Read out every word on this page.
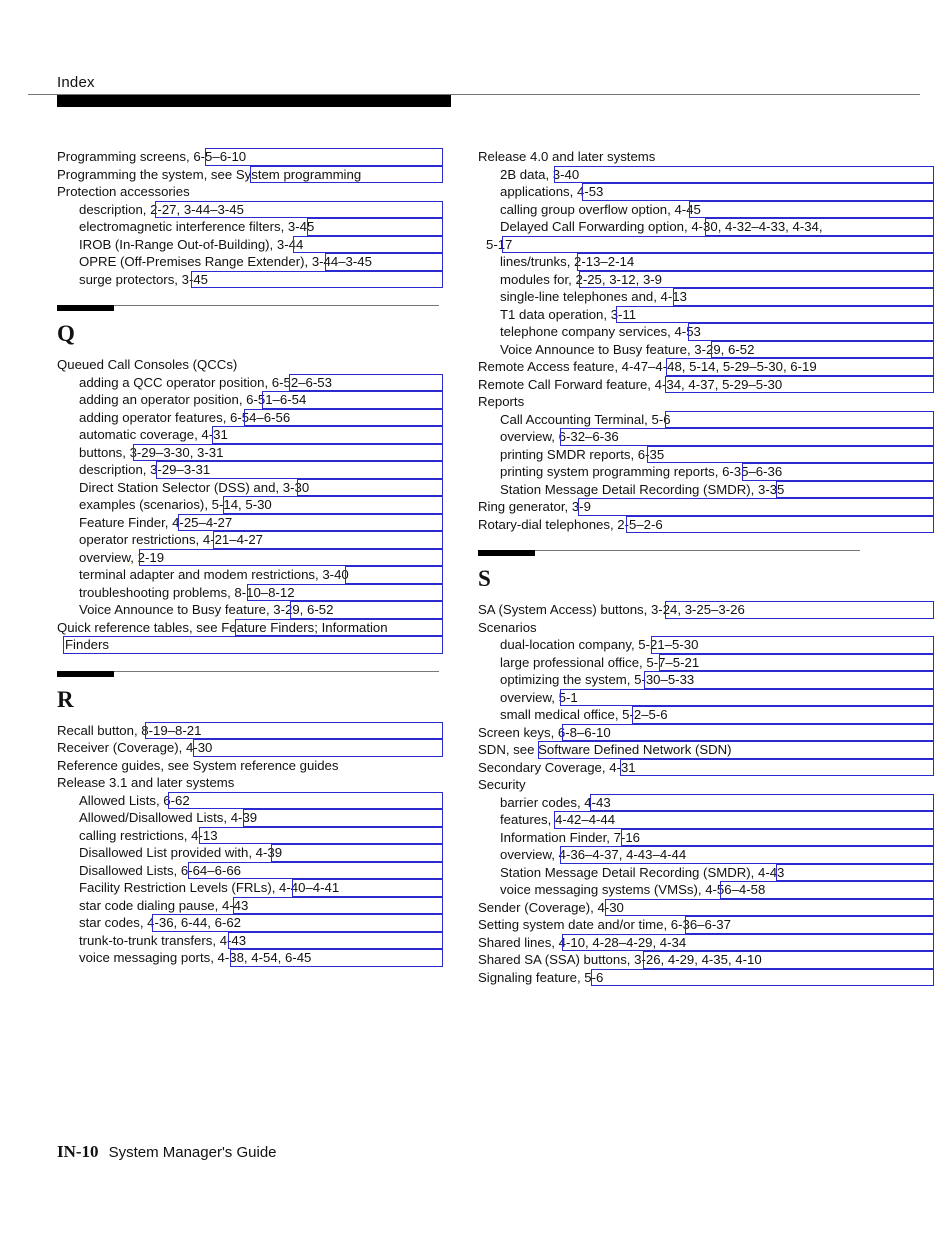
Index
Programming screens, 6-5–6-10
Programming the system, see System programming
Protection accessories
description, 2-27, 3-44–3-45
electromagnetic interference filters, 3-45
IROB (In-Range Out-of-Building), 3-44
OPRE (Off-Premises Range Extender), 3-44–3-45
surge protectors, 3-45
Q
Queued Call Consoles (QCCs)
adding a QCC operator position, 6-52–6-53
adding an operator position, 6-51–6-54
adding operator features, 6-54–6-56
automatic coverage, 4-31
buttons, 3-29–3-30, 3-31
description, 3-29–3-31
Direct Station Selector (DSS) and, 3-30
examples (scenarios), 5-14, 5-30
Feature Finder, 4-25–4-27
operator restrictions, 4-21–4-27
overview, 2-19
terminal adapter and modem restrictions, 3-40
troubleshooting problems, 8-10–8-12
Voice Announce to Busy feature, 3-29, 6-52
Quick reference tables, see Feature Finders; Information
Finders
R
Recall button, 8-19–8-21
Receiver (Coverage), 4-30
Reference guides, see System reference guides
Release 3.1 and later systems
Allowed Lists, 6-62
Allowed/Disallowed Lists, 4-39
calling restrictions, 4-13
Disallowed List provided with, 4-39
Disallowed Lists, 6-64–6-66
Facility Restriction Levels (FRLs), 4-40–4-41
star code dialing pause, 4-43
star codes, 4-36, 6-44, 6-62
trunk-to-trunk transfers, 4-43
voice messaging ports, 4-38, 4-54, 6-45
Release 4.0 and later systems
2B data, 3-40
applications, 4-53
calling group overflow option, 4-45
Delayed Call Forwarding option, 4-30, 4-32–4-33, 4-34,
5-17
lines/trunks, 2-13–2-14
modules for, 2-25, 3-12, 3-9
single-line telephones and, 4-13
T1 data operation, 3-11
telephone company services, 4-53
Voice Announce to Busy feature, 3-29, 6-52
Remote Access feature, 4-47–4-48, 5-14, 5-29–5-30, 6-19
Remote Call Forward feature, 4-34, 4-37, 5-29–5-30
Reports
Call Accounting Terminal, 5-6
overview, 6-32–6-36
printing SMDR reports, 6-35
printing system programming reports, 6-35–6-36
Station Message Detail Recording (SMDR), 3-35
Ring generator, 3-9
Rotary-dial telephones, 2-5–2-6
S
SA (System Access) buttons, 3-24, 3-25–3-26
Scenarios
dual-location company, 5-21–5-30
large professional office, 5-7–5-21
optimizing the system, 5-30–5-33
overview, 5-1
small medical office, 5-2–5-6
Screen keys, 6-8–6-10
SDN, see Software Defined Network (SDN)
Secondary Coverage, 4-31
Security
barrier codes, 4-43
features, 4-42–4-44
Information Finder, 7-16
overview, 4-36–4-37, 4-43–4-44
Station Message Detail Recording (SMDR), 4-43
voice messaging systems (VMSs), 4-56–4-58
Sender (Coverage), 4-30
Setting system date and/or time, 6-36–6-37
Shared lines, 4-10, 4-28–4-29, 4-34
Shared SA (SSA) buttons, 3-26, 4-29, 4-35, 4-10
Signaling feature, 5-6
IN-10 System Manager's Guide
